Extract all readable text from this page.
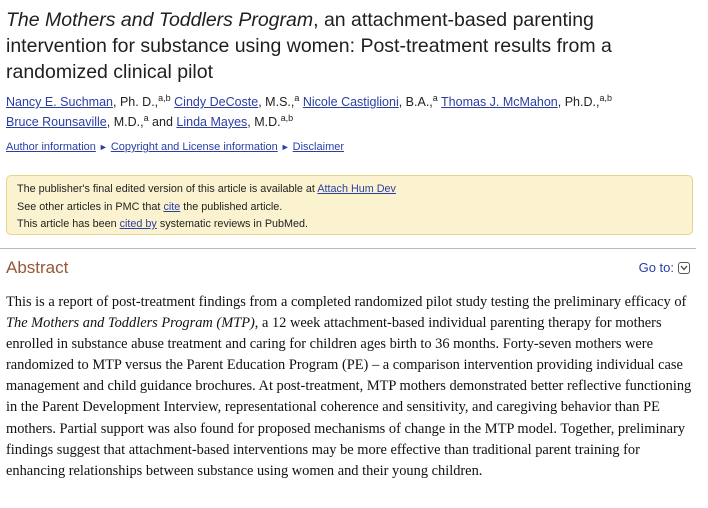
The Mothers and Toddlers Program, an attachment-based parenting intervention for substance using women: Post-treatment results from a randomized clinical pilot
Nancy E. Suchman, Ph. D.,$^{a,b}$ Cindy DeCoste, M.S.,$^a$ Nicole Castiglioni, B.A.,$^a$ Thomas J. McMahon, Ph.D.,$^{a,b}$
Bruce Rounsaville, M.D.,$^a$ and Linda Mayes, M.D.$^{a,b}$
Author information ► Copyright and License information ► Disclaimer
The publisher's final edited version of this article is available at Attach Hum Dev
See other articles in PMC that cite the published article.
This article has been cited by systematic reviews in PubMed.
Abstract	Go to:

This is a report of post-treatment findings from a completed randomized pilot study testing the preliminary efficacy of The Mothers and Toddlers Program (MTP), a 12 week attachment-based individual parenting therapy for mothers enrolled in substance abuse treatment and caring for children ages birth to 36 months. Forty-seven mothers were randomized to MTP versus the Parent Education Program (PE) – a comparison intervention providing individual case management and child guidance brochures. At post-treatment, MTP mothers demonstrated better reflective functioning in the Parent Development Interview, representational coherence and sensitivity, and caregiving behavior than PE mothers. Partial support was also found for proposed mechanisms of change in the MTP model. Together, preliminary findings suggest that attachment-based interventions may be more effective than traditional parent training for enhancing relationships between substance using women and their young children.
